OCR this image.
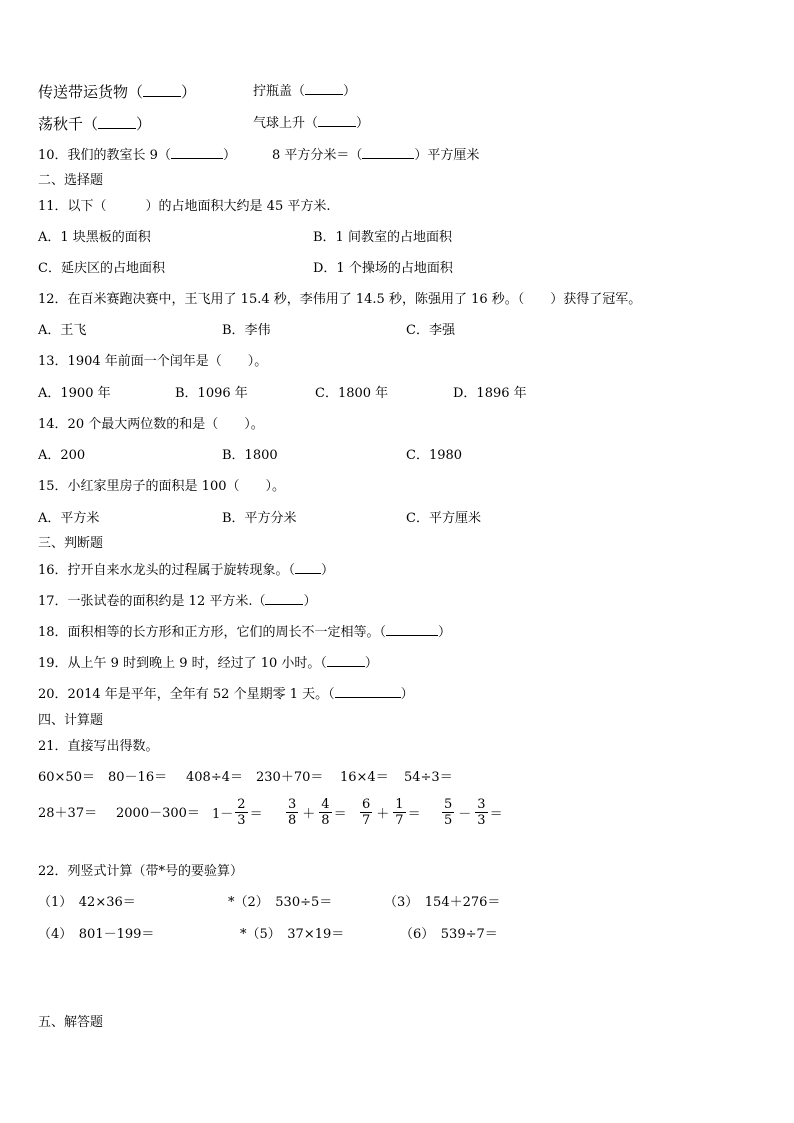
传送带运货物（	）	拧瓶盖（	）
荡秋千（	）	气球上升（	）
10．我们的教室长 9（	）	8 平方分米＝（	）平方厘米
二、选择题
11．以下（　　　）的占地面积大约是 45 平方米.
A．1 块黑板的面积	B．1 间教室的占地面积
C．延庆区的占地面积	D．1 个操场的占地面积
12．在百米赛跑决赛中，王飞用了 15.4 秒，李伟用了 14.5 秒，陈强用了 16 秒。（　　）获得了冠军。
A．王飞	B．李伟	C．李强
13．1904 年前面一个闰年是（　　）。
A．1900 年	B．1096 年	C．1800 年	D．1896 年
14．20 个最大两位数的和是（　　）。
A．200	B．1800	C．1980
15．小红家里房子的面积是 100（　　）。
A．平方米	B．平方分米	C．平方厘米
三、判断题
16．拧开自来水龙头的过程属于旋转现象。（ ）
17．一张试卷的面积约是 12 平方米.（	）
18．面积相等的长方形和正方形，它们的周长不一定相等。（	）
19．从上午 9 时到晚上 9 时，经过了 10 小时。（	）
20．2014 年是平年，全年有 52 个星期零 1 天。（	）
四、计算题
21．直接写出得数。
60×50＝ 80－16＝ 408÷4＝ 230＋70＝ 16×4＝ 54÷3＝
$28+37= 2000-300= 1- \frac{2}{3} = \frac{3}{8} + \frac{4}{8} = \frac{6}{7} + \frac{1}{7} = \frac{5}{5} - \frac{3}{3}$ ＝
22．列竖式计算（带*号的要验算）
（1）　42×36＝	*（2）　530÷5＝	（3）　154＋276＝
（4）　801－199＝	*（5）　37×19＝	（6）　539÷7＝
五、解答题
